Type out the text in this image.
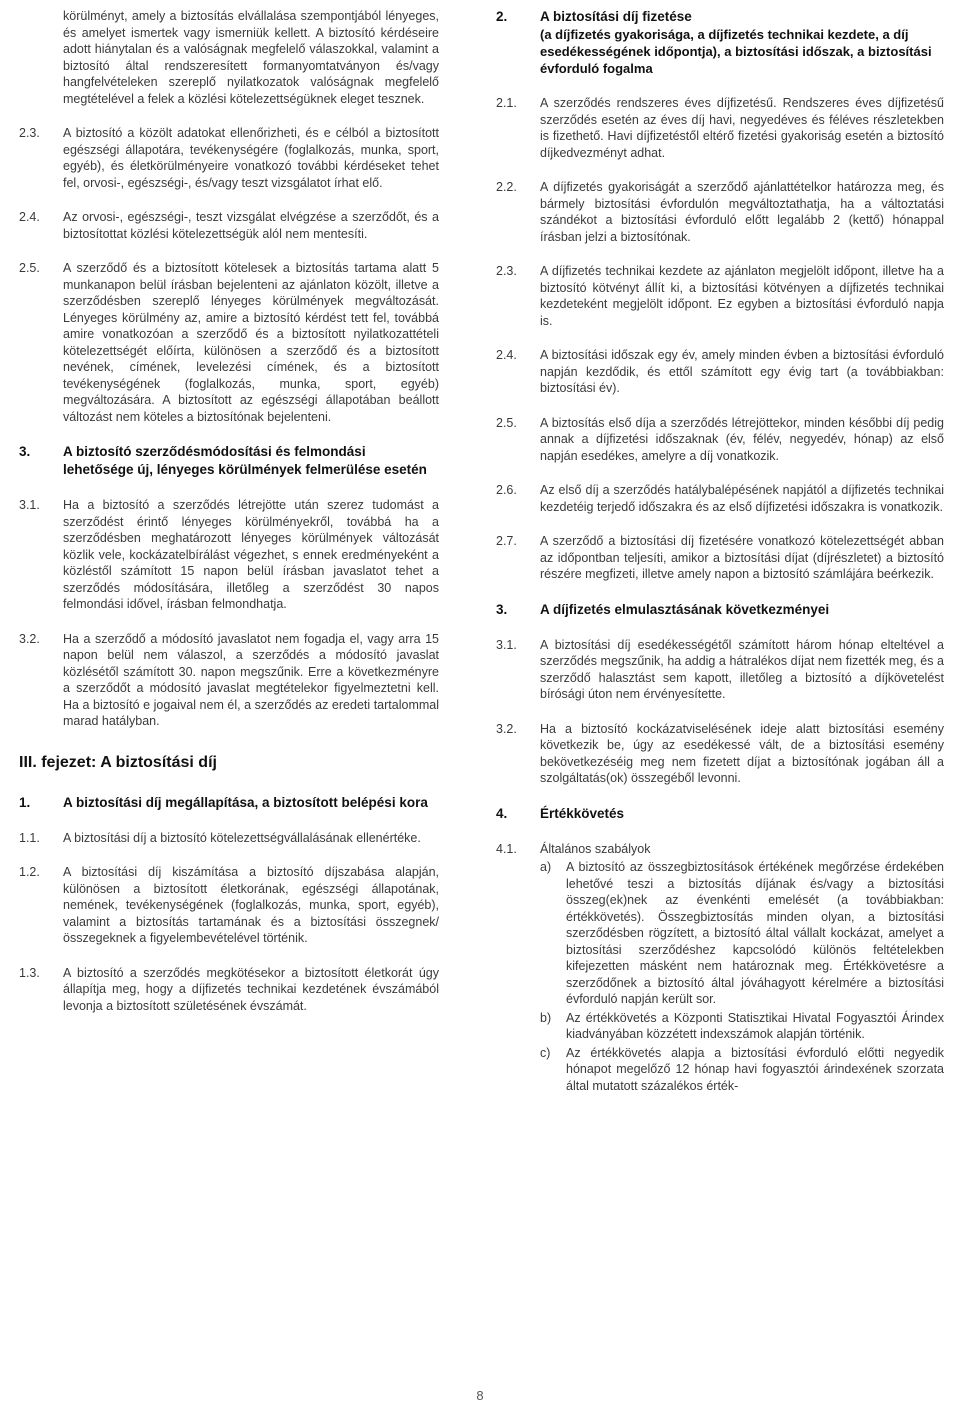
körülményt, amely a biztosítás elvállalása szempontjából lényeges, és amelyet ismertek vagy ismerniük kellett. A biztosító kérdéseire adott hiánytalan és a valóságnak megfelelő válaszokkal, valamint a biztosító által rendszeresített formanyomtatványon és/vagy hangfelvételeken szereplő nyilatkozatok valóságnak megfelelő megtételével a felek a közlési kötelezettségüknek eleget tesznek.
2.3.	A biztosító a közölt adatokat ellenőrizheti, és e célból a biztosított egészségi állapotára, tevékenységére (foglalkozás, munka, sport, egyéb), és életkörülményeire vonatkozó további kérdéseket tehet fel, orvosi-, egészségi-, és/vagy teszt vizsgálatot írhat elő.
2.4.	Az orvosi-, egészségi-, teszt vizsgálat elvégzése a szerződőt, és a biztosítottat közlési kötelezettségük alól nem mentesíti.
2.5.	A szerződő és a biztosított kötelesek a biztosítás tartama alatt 5 munkanapon belül írásban bejelenteni az ajánlaton közölt, illetve a szerződésben szereplő lényeges körülmények megváltozását. Lényeges körülmény az, amire a biztosító kérdést tett fel, továbbá amire vonatkozóan a szerződő és a biztosított nyilatkozattételi kötelezettségét előírta, különösen a szerződő és a biztosított nevének, címének, levelezési címének, és a biztosított tevékenységének (foglalkozás, munka, sport, egyéb) megváltozására. A biztosított az egészségi állapotában beállott változást nem köteles a biztosítónak bejelenteni.
3.	A biztosító szerződésmódosítási és felmondási lehetősége új, lényeges körülmények felmerülése esetén
3.1.	Ha a biztosító a szerződés létrejötte után szerez tudomást a szerződést érintő lényeges körülményekről, továbbá ha a szerződésben meghatározott lényeges körülmények változását közlik vele, kockázatelbírálást végezhet, s ennek eredményeként a közléstől számított 15 napon belül írásban javaslatot tehet a szerződés módosítására, illetőleg a szerződést 30 napos felmondási idővel, írásban felmondhatja.
3.2.	Ha a szerződő a módosító javaslatot nem fogadja el, vagy arra 15 napon belül nem válaszol, a szerződés a módosító javaslat közlésétől számított 30. napon megszűnik. Erre a következményre a szerződőt a módosító javaslat megtételekor figyelmeztetni kell. Ha a biztosító e jogaival nem él, a szerződés az eredeti tartalommal marad hatályban.
III. fejezet: A biztosítási díj
1.	A biztosítási díj megállapítása, a biztosított belépési kora
1.1.	A biztosítási díj a biztosító kötelezettségvállalásának ellenértéke.
1.2.	A biztosítási díj kiszámítása a biztosító díjszabása alapján, különösen a biztosított életkorának, egészségi állapotának, nemének, tevékenységének (foglalkozás, munka, sport, egyéb), valamint a biztosítás tartamának és a biztosítási összegnek/összegeknek a figyelembevételével történik.
1.3.	A biztosító a szerződés megkötésekor a biztosított életkorát úgy állapítja meg, hogy a díjfizetés technikai kezdetének évszámából levonja a biztosított születésének évszámát.
2.	A biztosítási díj fizetése
(a díjfizetés gyakorisága, a díjfizetés technikai kezdete, a díj esedékességének időpontja), a biztosítási időszak, a biztosítási évforduló fogalma
2.1.	A szerződés rendszeres éves díjfizetésű. Rendszeres éves díjfizetésű szerződés esetén az éves díj havi, negyedéves és féléves részletekben is fizethető. Havi díjfizetéstől eltérő fizetési gyakoriság esetén a biztosító díjkedvezményt adhat.
2.2.	A díjfizetés gyakoriságát a szerződő ajánlattételkor határozza meg, és bármely biztosítási évfordulón megváltoztathatja, ha a változtatási szándékot a biztosítási évforduló előtt legalább 2 (kettő) hónappal írásban jelzi a biztosítónak.
2.3.	A díjfizetés technikai kezdete az ajánlaton megjelölt időpont, illetve ha a biztosító kötvényt állít ki, a biztosítási kötvényen a díjfizetés technikai kezdeteként megjelölt időpont. Ez egyben a biztosítási évforduló napja is.
2.4.	A biztosítási időszak egy év, amely minden évben a biztosítási évforduló napján kezdődik, és ettől számított egy évig tart (a továbbiakban: biztosítási év).
2.5.	A biztosítás első díja a szerződés létrejöttekor, minden későbbi díj pedig annak a díjfizetési időszaknak (év, félév, negyedév, hónap) az első napján esedékes, amelyre a díj vonatkozik.
2.6.	Az első díj a szerződés hatálybalépésének napjától a díjfizetés technikai kezdetéig terjedő időszakra és az első díjfizetési időszakra is vonatkozik.
2.7.	A szerződő a biztosítási díj fizetésére vonatkozó kötelezettségét abban az időpontban teljesíti, amikor a biztosítási díjat (díjrészletet) a biztosító részére megfizeti, illetve amely napon a biztosító számlájára beérkezik.
3.	A díjfizetés elmulasztásának következményei
3.1.	A biztosítási díj esedékességétől számított három hónap elteltével a szerződés megszűnik, ha addig a hátralékos díjat nem fizették meg, és a szerződő halasztást sem kapott, illetőleg a biztosító a díjkövetelést bírósági úton nem érvényesítette.
3.2.	Ha a biztosító kockázatviselésének ideje alatt biztosítási esemény következik be, úgy az esedékessé vált, de a biztosítási esemény bekövetkezéséig meg nem fizetett díjat a biztosítónak jogában áll a szolgáltatás(ok) összegéből levonni.
4.	Értékkövetés
4.1.	Általános szabályok
a)	A biztosító az összegbiztosítások értékének megőrzése érdekében lehetővé teszi a biztosítás díjának és/vagy a biztosítási összeg(ek)nek az évenkénti emelését (a továbbiakban: értékkövetés). Összegbiztosítás minden olyan, a biztosítási szerződésben rögzített, a biztosító által vállalt kockázat, amelyet a biztosítási szerződéshez kapcsolódó különös feltételekben kifejezetten másként nem határoznak meg. Értékkövetésre a szerződőnek a biztosító által jóváhagyott kérelmére a biztosítási évforduló napján került sor.
b)	Az értékkövetés a Központi Statisztikai Hivatal Fogyasztói Árindex kiadványában közzétett indexszámok alapján történik.
c)	Az értékkövetés alapja a biztosítási évforduló előtti negyedik hónapot megelőző 12 hónap havi fogyasztói árindexének szorzata által mutatott százalékos érték-
8
